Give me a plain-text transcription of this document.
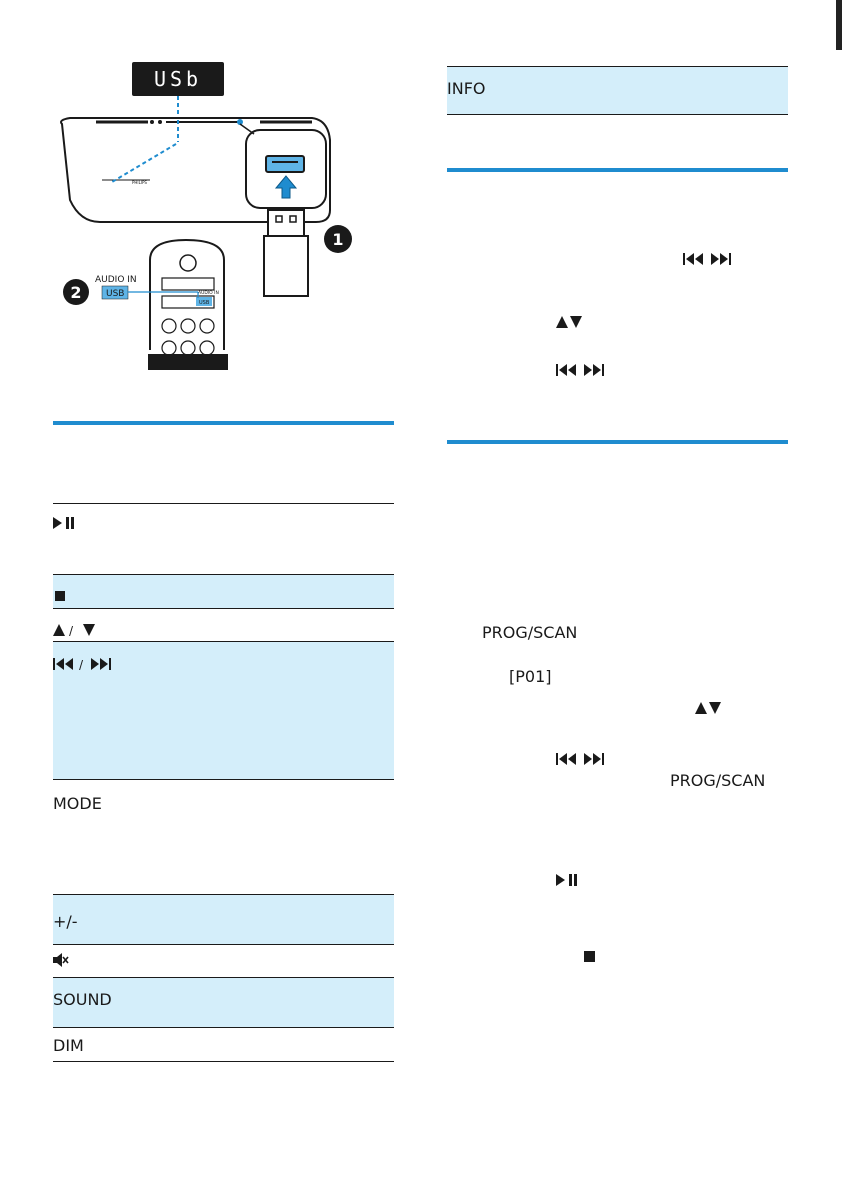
USb
PHILIPS
1
AUDIO IN
USB
2
AUDIO IN
USB
/
/
MODE
+/-
SOUND
DIM
INFO
PROG/SCAN
[P01]
PROG/SCAN
